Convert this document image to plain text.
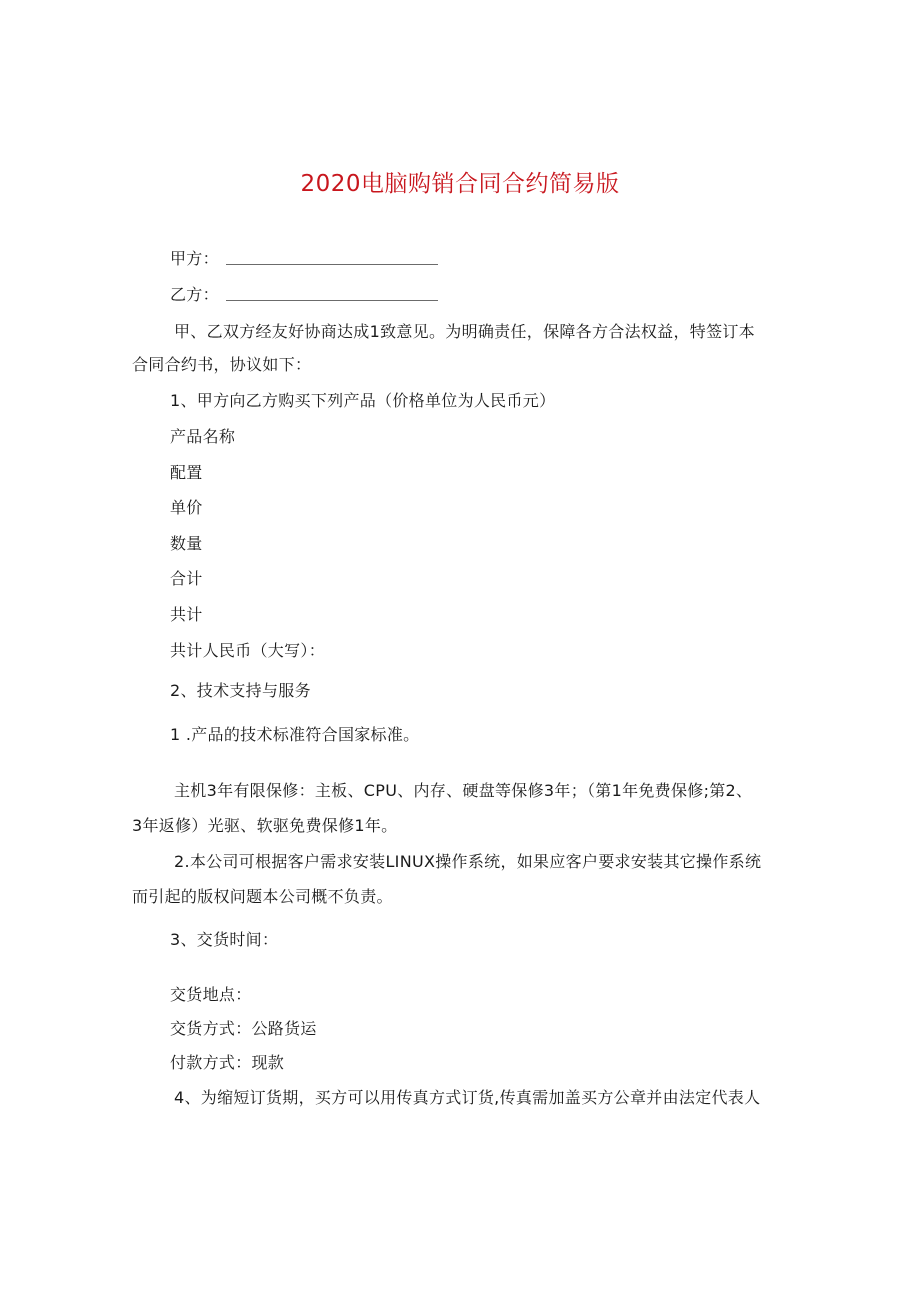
2020电脑购销合同合约简易版
甲方：
乙方：
甲、乙双方经友好协商达成1致意见。为明确责任，保障各方合法权益，特签订本
合同合约书，协议如下：
1、甲方向乙方购买下列产品（价格单位为人民币元）
产品名称
配置
单价
数量
合计
共计
共计人民币（大写）：
2、技术支持与服务
1 .产品的技术标准符合国家标准。
主机3年有限保修：主板、CPU、内存、硬盘等保修3年；（第1年免费保修;第2、
3年返修）光驱、软驱免费保修1年。
2.本公司可根据客户需求安装LINUX操作系统，如果应客户要求安装其它操作系统
而引起的版权问题本公司概不负责。
3、交货时间：
交货地点：
交货方式：公路货运
付款方式：现款
4、为缩短订货期，买方可以用传真方式订货,传真需加盖买方公章并由法定代表人
